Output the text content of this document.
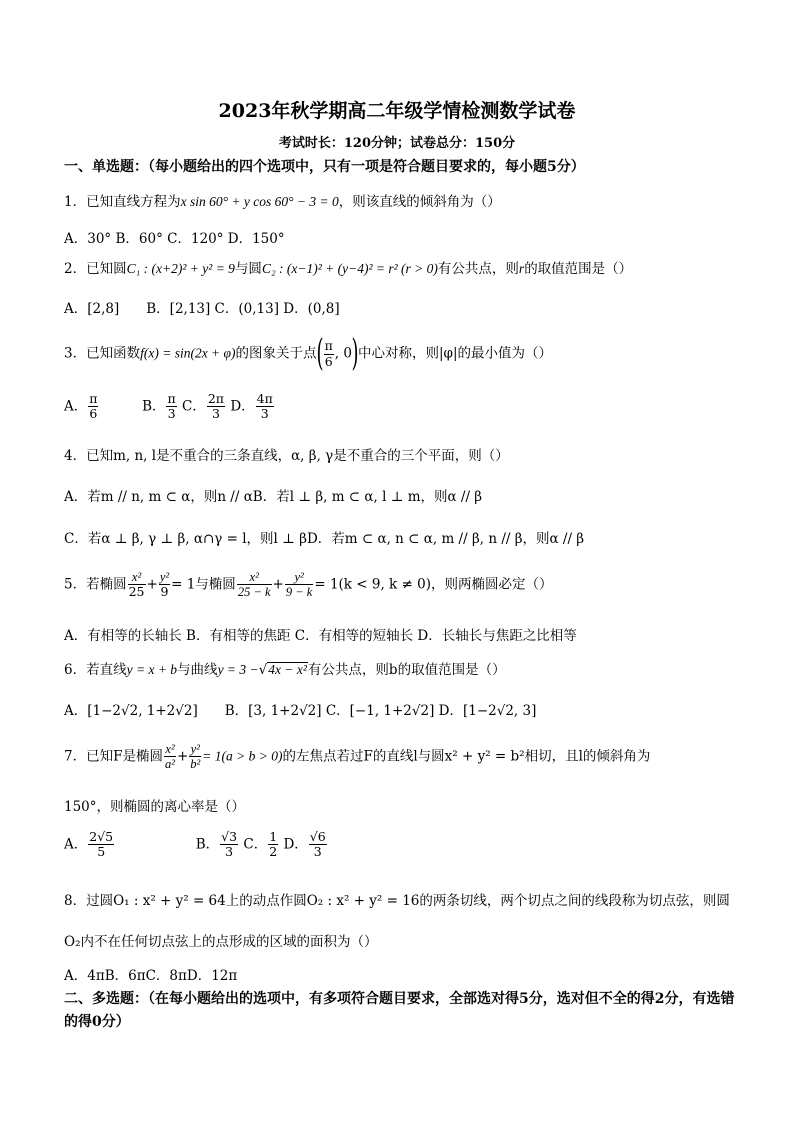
2023年秋学期高二年级学情检测数学试卷
考试时长：120分钟；试卷总分：150分
一、单选题：（每小题给出的四个选项中，只有一项是符合题目要求的，每小题5分）
1．已知直线方程为x sin 60° + y cos 60° − 3 = 0，则该直线的倾斜角为（）
A．30° B．60° C．120° D．150°
2．已知圆C₁ : (x+2)² + y² = 9与圆C₂ : (x−1)² + (y−4)² = r² (r > 0)有公共点，则r的取值范围是（）
A．[2,8]　　B．[2,13] C．(0,13] D．(0,8]
3．已知函数f(x) = sin(2x + φ)的图象关于点( $\frac{\pi}{6}$ , 0)中心对称，则|φ|的最小值为（）
A． $\frac{\pi}{6}$	B． $\frac{\pi}{3}$ C． $\frac{2\pi}{3}$ D． $\frac{4\pi}{3}$
4．已知m, n, l是不重合的三条直线，α, β, γ是不重合的三个平面，则（）
A．若m // n, m ⊂ α，则n // αB．若l ⊥ β, m ⊂ α, l ⊥ m，则α // β
C．若α ⊥ β, γ ⊥ β, α∩γ = l，则l ⊥ βD．若m ⊂ α, n ⊂ α, m // β, n // β，则α // β
5．若椭圆 $\frac{\text{x²}}{25} + \frac{\text{y²}}{9} = 1$与椭圆 $\frac{\text{x²}}{25 - k} + \frac{\text{y²}}{9 - k} = 1(k < 9$, k ≠ 0)，则两椭圆必定（）
A．有相等的长轴长 B．有相等的焦距 C．有相等的短轴长 D．长轴长与焦距之比相等
6．若直线y = x + b与曲线y = 3 −√4x − x²有公共点，则b的取值范围是（）
A．[1−2√2, 1+2√2]　　B．[3, 1+2√2] C．[−1, 1+2√2] D．[1−2√2, 3]
7．已知F是椭圆 $\frac{\text{x²}}{\text{a²}} + \frac{\text{y²}}{\text{b²}} = 1(a > b > 0)$的左焦点若过F的直线l与圆x² + y² = b²相切，且l的倾斜角为
150°，则椭圆的离心率是（）
A． $\frac{2√5}{5}$	B． $\frac{√3}{3}$ C． $\frac{1}{2}$ D． $\frac{√6}{3}$
8．过圆O₁ : x² + y² = 64上的动点作圆O₂ : x² + y² = 16的两条切线，两个切点之间的线段称为切点弦，则圆
O₂内不在任何切点弦上的点形成的区域的面积为（）
A．4πB．6πC．8πD．12π
二、多选题：（在每小题给出的选项中，有多项符合题目要求，全部选对得5分，选对但不全的得2分，有选错的得0分）
